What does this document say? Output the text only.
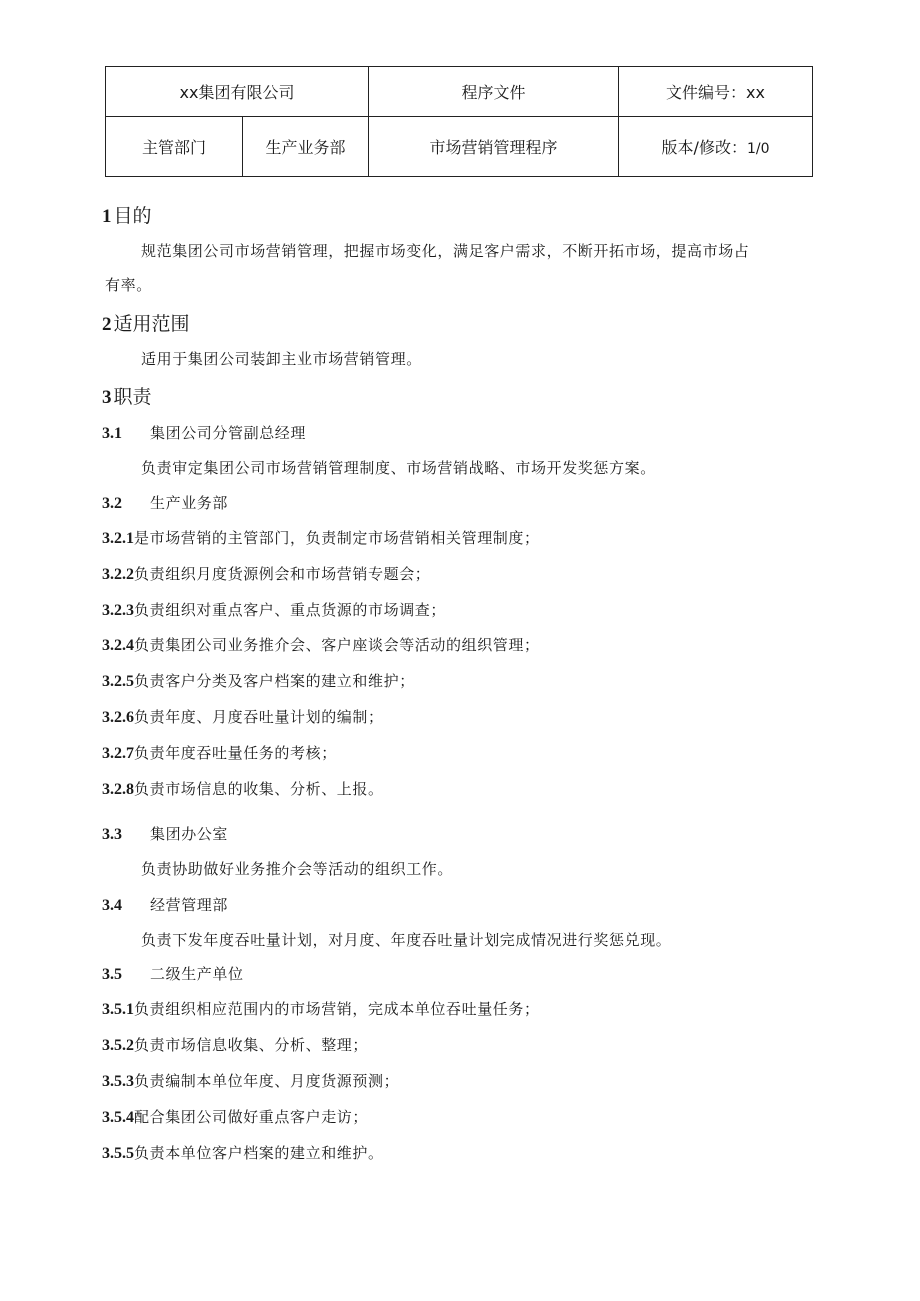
xx集团有限公司		程序文件	文件编号：xx
主管部门	生产业务部	市场营销管理程序	版本/修改：1/0
1 目的
规范集团公司市场营销管理，把握市场变化，满足客户需求，不断开拓市场，提高市场占
有率。
2 适用范围
适用于集团公司装卸主业市场营销管理。
3 职责
3.1 集团公司分管副总经理
负责审定集团公司市场营销管理制度、市场营销战略、市场开发奖惩方案。
3.2 生产业务部
3.2.1是市场营销的主管部门，负责制定市场营销相关管理制度；
3.2.2负责组织月度货源例会和市场营销专题会；
3.2.3负责组织对重点客户、重点货源的市场调查；
3.2.4负责集团公司业务推介会、客户座谈会等活动的组织管理；
3.2.5负责客户分类及客户档案的建立和维护；
3.2.6负责年度、月度吞吐量计划的编制；
3.2.7负责年度吞吐量任务的考核；
3.2.8负责市场信息的收集、分析、上报。
3.3 集团办公室
负责协助做好业务推介会等活动的组织工作。
3.4 经营管理部
负责下发年度吞吐量计划，对月度、年度吞吐量计划完成情况进行奖惩兑现。
3.5 二级生产单位
3.5.1负责组织相应范围内的市场营销，完成本单位吞吐量任务；
3.5.2负责市场信息收集、分析、整理；
3.5.3负责编制本单位年度、月度货源预测；
3.5.4配合集团公司做好重点客户走访；
3.5.5负责本单位客户档案的建立和维护。
